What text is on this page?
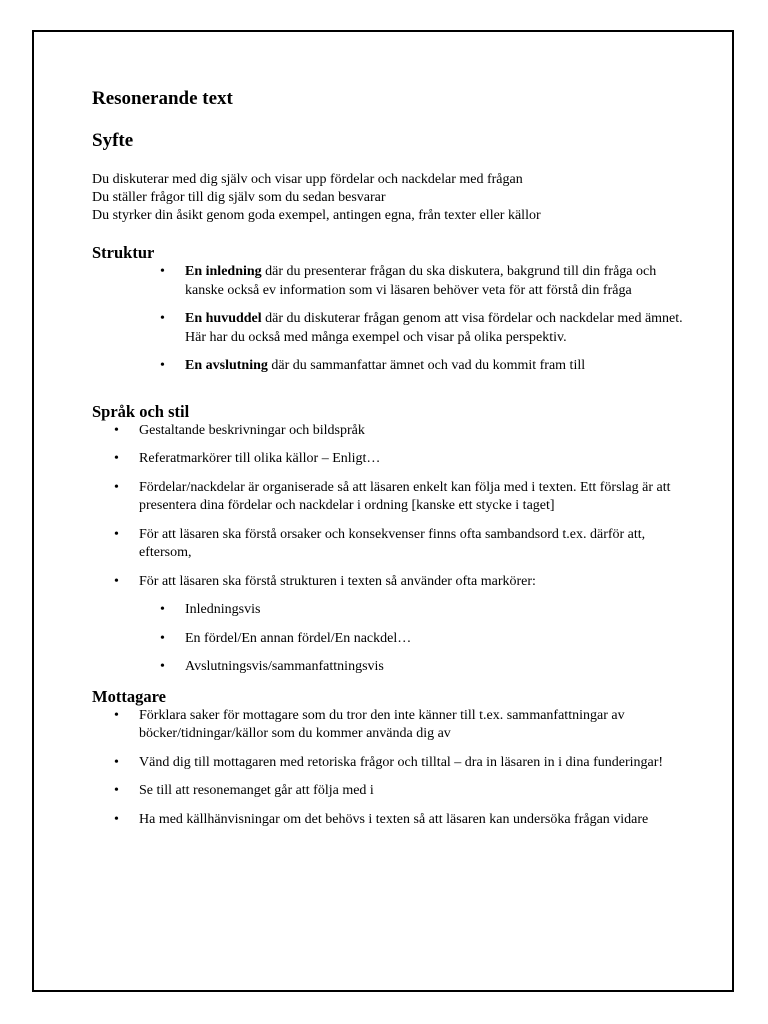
Resonerande text
Syfte

Du diskuterar med dig själv och visar upp fördelar och nackdelar med frågan

Du ställer frågor till dig själv som du sedan besvarar

Du styrker din åsikt genom goda exempel, antingen egna, från texter eller källor

Struktur
• En inledning där du presenterar frågan du ska diskutera, bakgrund till din fråga och kanske också ev information som vi läsaren behöver veta för att förstå din fråga
• En huvuddel där du diskuterar frågan genom att visa fördelar och nackdelar med ämnet. Här har du också med många exempel och visar på olika perspektiv.
• En avslutning där du sammanfattar ämnet och vad du kommit fram till
Språk och stil
• Gestaltande beskrivningar och bildspråk
• Referatmarkörer till olika källor – Enligt…
• Fördelar/nackdelar är organiserade så att läsaren enkelt kan följa med i texten. Ett förslag är att presentera dina fördelar och nackdelar i ordning [kanske ett stycke i taget]
• För att läsaren ska förstå orsaker och konsekvenser finns ofta sambandsord t.ex. därför att, eftersom,
• För att läsaren ska förstå strukturen i texten så använder ofta markörer:
• Inledningsvis
• En fördel/En annan fördel/En nackdel…
• Avslutningsvis/sammanfattningsvis
Mottagare
• Förklara saker för mottagare som du tror den inte känner till t.ex. sammanfattningar av böcker/tidningar/källor som du kommer använda dig av
• Vänd dig till mottagaren med retoriska frågor och tilltal – dra in läsaren in i dina funderingar!
• Se till att resonemanget går att följa med i
• Ha med källhänvisningar om det behövs i texten så att läsaren kan undersöka frågan vidare
